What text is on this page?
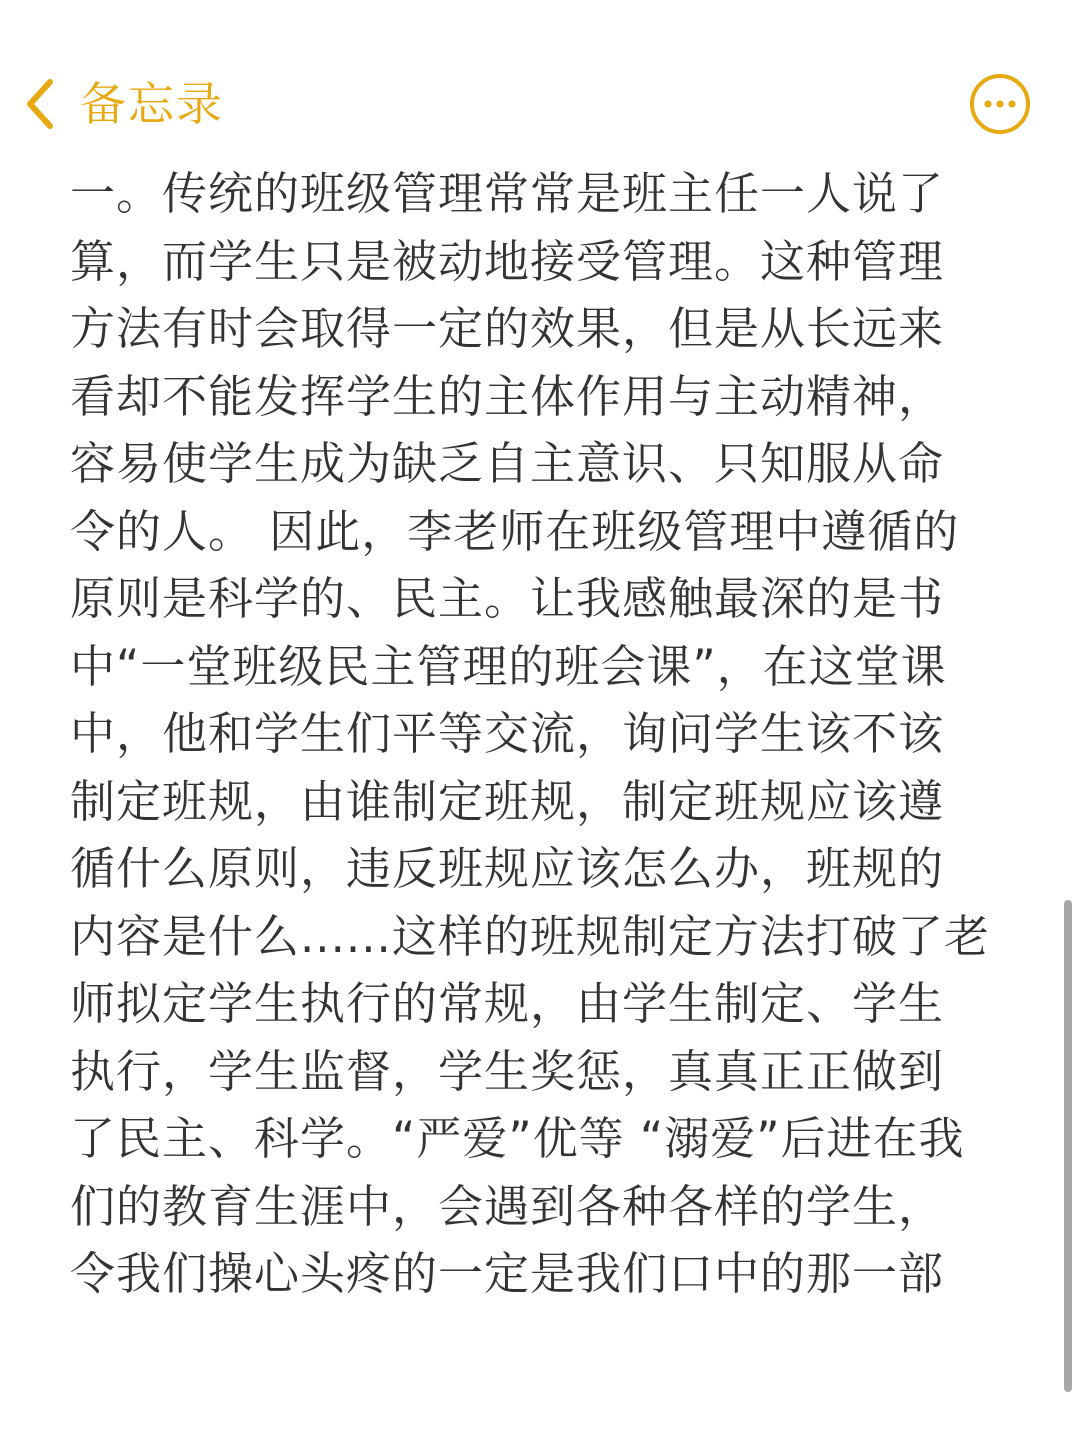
备忘录
一。传统的班级管理常常是班主任一人说了
算，而学生只是被动地接受管理。这种管理
方法有时会取得一定的效果，但是从长远来
看却不能发挥学生的主体作用与主动精神，
容易使学生成为缺乏自主意识、只知服从命
令的人。 因此，李老师在班级管理中遵循的
原则是科学的、民主。让我感触最深的是书
中“一堂班级民主管理的班会课”，在这堂课
中，他和学生们平等交流，询问学生该不该
制定班规，由谁制定班规，制定班规应该遵
循什么原则，违反班规应该怎么办，班规的
内容是什么......这样的班规制定方法打破了老
师拟定学生执行的常规，由学生制定、学生
执行，学生监督，学生奖惩，真真正正做到
了民主、科学。“严爱”优等 “溺爱”后进在我
们的教育生涯中，会遇到各种各样的学生，
令我们操心头疼的一定是我们口中的那一部
